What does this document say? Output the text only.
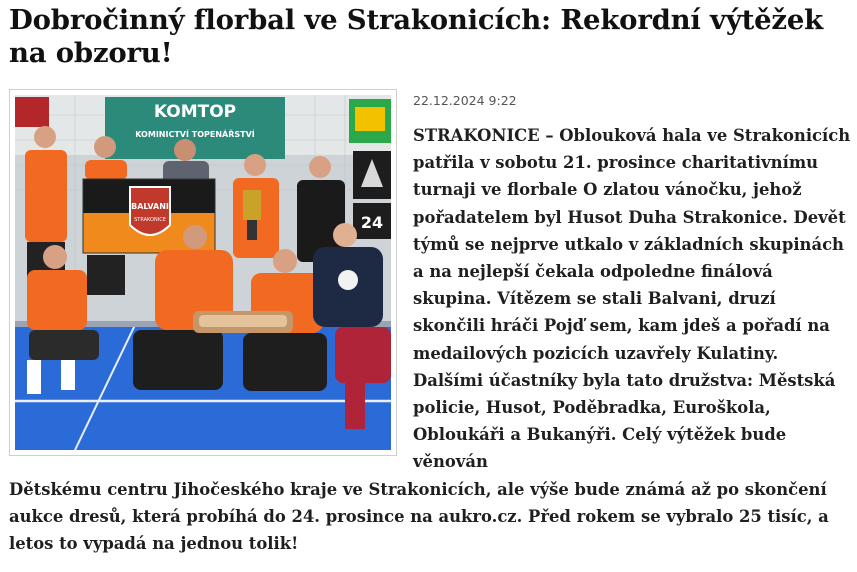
Dobročinný florbal ve Strakonicích: Rekordní výtěžek na obzoru!
KOMTOP
KOMINICTVÍ TOPENÁŘSTVÍ
24
BALVANI
STRAKONICE
22.12.2024 9:22
STRAKONICE – Oblouková hala ve Strakonicích patřila v sobotu 21. prosince charitativnímu turnaji ve florbale O zlatou vánočku, jehož pořadatelem byl Husot Duha Strakonice. Devět týmů se nejprve utkalo v základních skupinách a na nejlepší čekala odpoledne finálová skupina. Vítězem se stali Balvani, druzí skončili hráči Pojď sem, kam jdeš a pořadí na medailových pozicích uzavřely Kulatiny. Dalšími účastníky byla tato družstva: Městská policie, Husot, Poděbradka, Euroškola, Obloukáři a Bukanýři. Celý výtěžek bude věnován
Dětskému centru Jihočeského kraje ve Strakonicích, ale výše bude známá až po skončení aukce dresů, která probíhá do 24. prosince na aukro.cz. Před rokem se vybralo 25 tisíc, a letos to vypadá na jednou tolik!
